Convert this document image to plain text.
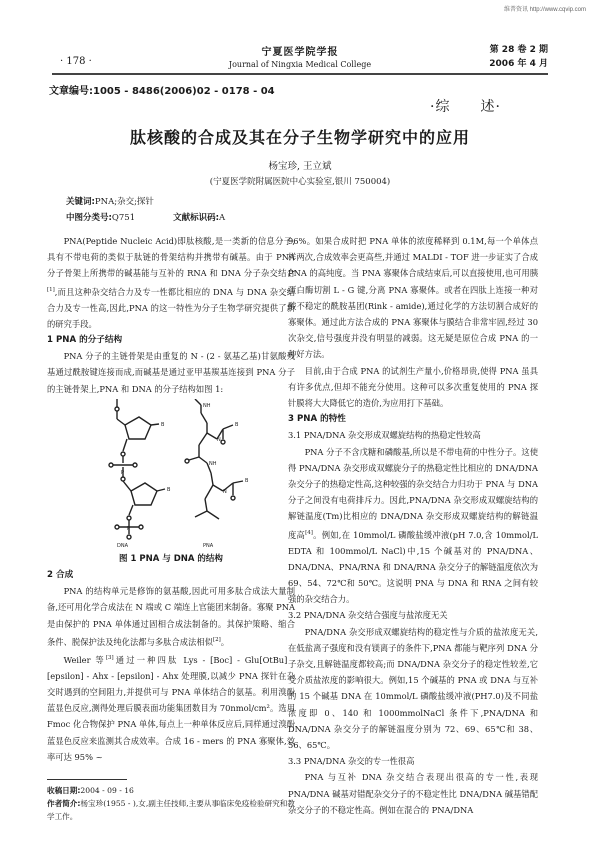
维普资讯 http://www.cqvip.com
· 178 ·
宁夏医学院学报
Journal of Ningxia Medical College
第 28 卷 2 期
2006 年 4 月
文章编号:1005 - 8486(2006)02 - 0178 - 04
·综 述·
肽核酸的合成及其在分子生物学研究中的应用
杨宝珍, 王立斌
(宁夏医学院附属医院中心实验室,银川 750004)
关键词:PNA;杂交;探针
中图分类号:Q751	文献标识码:A

PNA(Peptide Nucleic Acid)即肽核酸,是一类新的信息分子,具有不带电荷的类似于肽链的骨架结构并携带有碱基。由于 PNA 分子骨架上所携带的碱基能与互补的 RNA 和 DNA 分子杂交结合[1],而且这种杂交结合力及专一性都比相应的 DNA 与 DNA 杂交结合力及专一性高,因此,PNA 的这一特性为分子生物学研究提供了新的研究手段。

1 PNA 的分子结构

PNA 分子的主链骨架是由重复的 N - (2 - 氨基乙基)甘氨酸残基通过酰胺键连接而成,而碱基是通过亚甲基羰基连接到 PNA 分子的主链骨架上,PNA 和 DNA 的分子结构如图 1:

B
B
B
B
NH
NH
N
N
P
P
DNA	PNA
图 1 PNA 与 DNA 的结构
2 合成

PNA 的结构单元是修饰的氨基酸,因此可用多肽合成法大量制备,还可用化学合成法在 N 端或 C 端连上官能团来制备。寡聚 PNA 是由保护的 PNA 单体通过固相合成法制备的。其保护策略、缩合条件、脱保护法及纯化法都与多肽合成法相似[2]。

Weiler 等[3]通过一种四肽 Lys - [Boc] - Glu[OtBu] - [epsilon] - Ahx - [epsilon] - Ahx 处理膜,以减少 PNA 探针在杂交时遇到的空间阻力,并提供可与 PNA 单体结合的氨基。利用溴酚蓝显色反应,测得处理后膜表面功能集团数目为 70nmol/cm²。选用 Fmoc 化合物保护 PNA 单体,每点上一种单体反应后,同样通过溴酚蓝显色反应来监测其合成效率。合成 16 - mers 的 PNA 寡聚体,效率可达 95% ~

收稿日期:2004 - 09 - 16
作者简介:杨宝珍(1955 - ),女,副主任技师,主要从事临床免疫检验研究和教学工作。

96%。如果合成时把 PNA 单体的浓度稀释到 0.1M,每一个单体点样两次,合成效率会更高些,并通过 MALDI - TOF 进一步证实了合成 PNA 的高纯度。当 PNA 寡聚体合成结束后,可以直接使用,也可用胰蛋白酶切割 L - G 键,分离 PNA 寡聚体。或者在四肽上连接一种对酸不稳定的酰胺基团(Rink - amide),通过化学的方法切割合成好的寡聚体。通过此方法合成的 PNA 寡聚体与膜结合非常牢固,经过 30 次杂交,信号强度并没有明显的减弱。这无疑是原位合成 PNA 的一种好方法。

目前,由于合成 PNA 的试剂生产量小,价格昂贵,使得 PNA 虽具有许多优点,但却不能充分使用。这种可以多次重复使用的 PNA 探针膜将大大降低它的造价,为应用打下基础。

3 PNA 的特性
3.1 PNA/DNA 杂交形成双螺旋结构的热稳定性较高

PNA 分子不含戊糖和磷酸基,所以是不带电荷的中性分子。这使得 PNA/DNA 杂交形成双螺旋分子的热稳定性比相应的 DNA/DNA 杂交分子的热稳定性高,这种较强的杂交结合力归功于 PNA 与 DNA 分子之间没有电荷排斥力。因此,PNA/DNA 杂交形成双螺旋结构的解链温度(Tm)比相应的 DNA/DNA 杂交形成双螺旋结构的解链温度高[4]。例如,在 10mmol/L 磷酸盐缓冲液(pH 7.0,含 10mmol/L EDTA 和 100mmol/L NaCl)中,15 个碱基对的 PNA/DNA、DNA/DNA、PNA/RNA 和 DNA/RNA 杂交分子的解链温度依次为 69、54、72℃和 50℃。这说明 PNA 与 DNA 和 RNA 之间有较强的杂交结合力。

3.2 PNA/DNA 杂交结合强度与盐浓度无关

PNA/DNA 杂交形成双螺旋结构的稳定性与介质的盐浓度无关,在低盐离子强度和没有镁离子的条件下,PNA 都能与靶序列 DNA 分子杂交,且解链温度都较高;而 DNA/DNA 杂交分子的稳定性较差,它受介质盐浓度的影响很大。例如,15 个碱基的 PNA 或 DNA 与互补的 15 个碱基 DNA 在 10mmol/L 磷酸盐缓冲液(PH7.0)及不同盐浓度即 0、140 和 1000mmolNaCl 条件下,PNA/DNA 和 DNA/DNA 杂交分子的解链温度分别为 72、69、65℃和 38、56、65℃。

3.3 PNA/DNA 杂交的专一性很高

PNA 与互补 DNA 杂交结合表现出很高的专一性,表现 PNA/DNA 碱基对错配杂交分子的不稳定性比 DNA/DNA 碱基错配杂交分子的不稳定性高。例如在混合的 PNA/DNA
